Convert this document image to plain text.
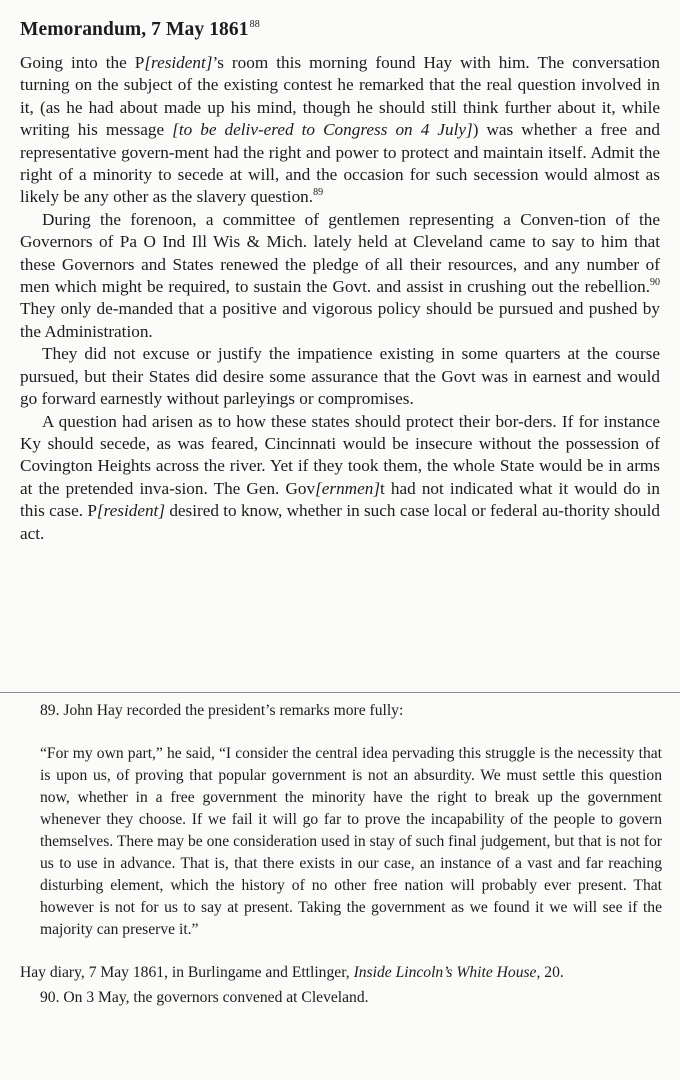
Memorandum, 7 May 1861$^{88}$

Going into the P[resident]’s room this morning found Hay with him. The conversation turning on the subject of the existing contest he remarked that the real question involved in it, (as he had about made up his mind, though he should still think further about it, while writing his message [to be deliv-ered to Congress on 4 July]) was whether a free and representative govern-ment had the right and power to protect and maintain itself. Admit the right of a minority to secede at will, and the occasion for such secession would almost as likely be any other as the slavery question.$^{89}$

During the forenoon, a committee of gentlemen representing a Conven-tion of the Governors of Pa O Ind Ill Wis & Mich. lately held at Cleveland came to say to him that these Governors and States renewed the pledge of all their resources, and any number of men which might be required, to sustain the Govt. and assist in crushing out the rebellion.$^{90}$ They only de-manded that a positive and vigorous policy should be pursued and pushed by the Administration.

They did not excuse or justify the impatience existing in some quarters at the course pursued, but their States did desire some assurance that the Govt was in earnest and would go forward earnestly without parleyings or compromises.

A question had arisen as to how these states should protect their bor-ders. If for instance Ky should secede, as was feared, Cincinnati would be insecure without the possession of Covington Heights across the river. Yet if they took them, the whole State would be in arms at the pretended inva-sion. The Gen. Gov[ernmen]t had not indicated what it would do in this case. P[resident] desired to know, whether in such case local or federal au-thority should act.

89. John Hay recorded the president’s remarks more fully:

“For my own part,” he said, “I consider the central idea pervading this struggle is the necessity that is upon us, of proving that popular government is not an absurdity. We must settle this question now, whether in a free government the minority have the right to break up the government whenever they choose. If we fail it will go far to prove the incapability of the people to govern themselves. There may be one consideration used in stay of such final judgement, but that is not for us to use in advance. That is, that there exists in our case, an instance of a vast and far reaching disturbing element, which the history of no other free nation will probably ever present. That however is not for us to say at present. Taking the government as we found it we will see if the majority can preserve it.”

Hay diary, 7 May 1861, in Burlingame and Ettlinger, Inside Lincoln’s White House, 20.

90. On 3 May, the governors convened at Cleveland.
